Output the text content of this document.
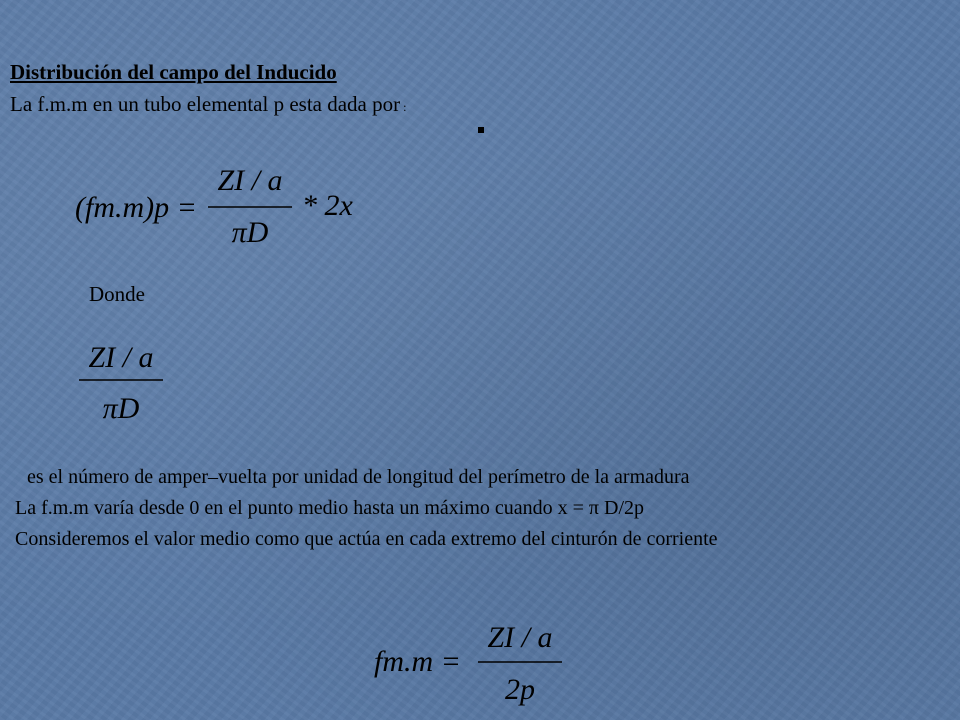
Distribución del campo del Inducido
La f.m.m en un tubo elemental p esta dada por :
(fm.m)p =
ZI / a
πD
* 2x
Donde
ZI / a
πD
es el número de amper–vuelta por unidad de longitud del perímetro de la armadura
La f.m.m varía desde 0 en el punto medio hasta un máximo cuando x = π D/2p
Consideremos el valor medio como que actúa en cada extremo del cinturón de corriente
fm.m =
ZI / a
2p
